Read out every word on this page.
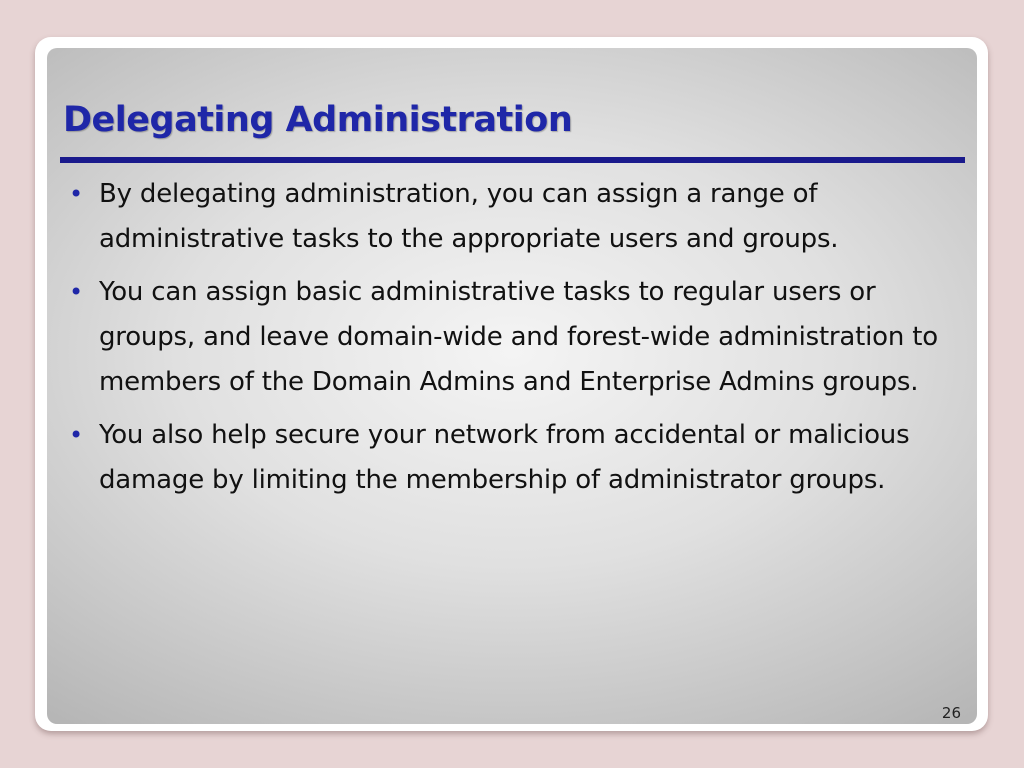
Delegating Administration
• By delegating administration, you can assign a range of administrative tasks to the appropriate users and groups.
• You can assign basic administrative tasks to regular users or groups, and leave domain-wide and forest-wide administration to members of the Domain Admins and Enterprise Admins groups.
• You also help secure your network from accidental or malicious damage by limiting the membership of administrator groups.
26
